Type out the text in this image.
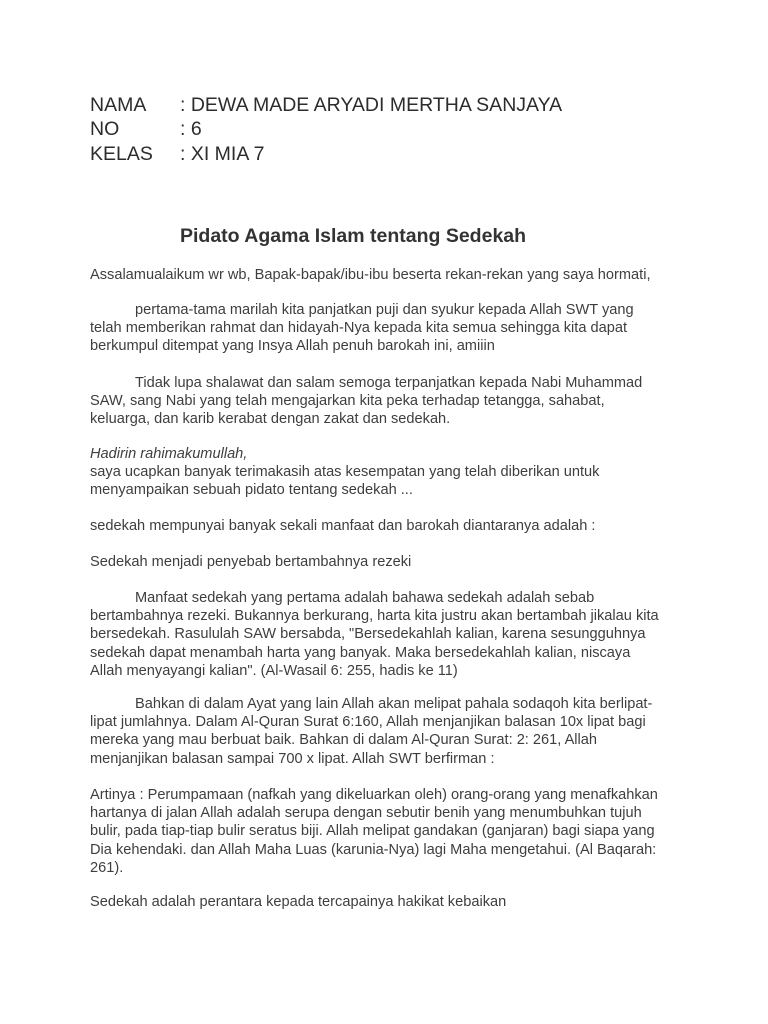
NAMA	: DEWA MADE ARYADI MERTHA SANJAYA
NO	: 6
KELAS	: XI MIA 7
Pidato Agama Islam tentang Sedekah
Assalamualaikum wr wb, Bapak-bapak/ibu-ibu beserta rekan-rekan yang saya hormati,
pertama-tama marilah kita panjatkan puji dan syukur kepada Allah SWT yang
telah memberikan rahmat dan hidayah-Nya kepada kita semua sehingga kita dapat
berkumpul ditempat yang Insya Allah penuh barokah ini, amiiin
Tidak lupa shalawat dan salam semoga terpanjatkan kepada Nabi Muhammad
SAW, sang Nabi yang telah mengajarkan kita peka terhadap tetangga, sahabat,
keluarga, dan karib kerabat dengan zakat dan sedekah.
Hadirin rahimakumullah,
saya ucapkan banyak terimakasih atas kesempatan yang telah diberikan untuk
menyampaikan sebuah pidato tentang sedekah ...
sedekah mempunyai banyak sekali manfaat dan barokah diantaranya adalah :
Sedekah menjadi penyebab bertambahnya rezeki
Manfaat sedekah yang pertama adalah bahawa sedekah adalah sebab
bertambahnya rezeki. Bukannya berkurang, harta kita justru akan bertambah jikalau kita
bersedekah. Rasululah SAW bersabda, "Bersedekahlah kalian, karena sesungguhnya
sedekah dapat menambah harta yang banyak. Maka bersedekahlah kalian, niscaya
Allah menyayangi kalian". (Al-Wasail 6: 255, hadis ke 11)
Bahkan di dalam Ayat yang lain Allah akan melipat pahala sodaqoh kita berlipat-
lipat jumlahnya. Dalam Al-Quran Surat 6:160, Allah menjanjikan balasan 10x lipat bagi
mereka yang mau berbuat baik. Bahkan di dalam Al-Quran Surat: 2: 261, Allah
menjanjikan balasan sampai 700 x lipat. Allah SWT berfirman :
Artinya : Perumpamaan (nafkah yang dikeluarkan oleh) orang-orang yang menafkahkan
hartanya di jalan Allah adalah serupa dengan sebutir benih yang menumbuhkan tujuh
bulir, pada tiap-tiap bulir seratus biji. Allah melipat gandakan (ganjaran) bagi siapa yang
Dia kehendaki. dan Allah Maha Luas (karunia-Nya) lagi Maha mengetahui. (Al Baqarah:
261).
Sedekah adalah perantara kepada tercapainya hakikat kebaikan
